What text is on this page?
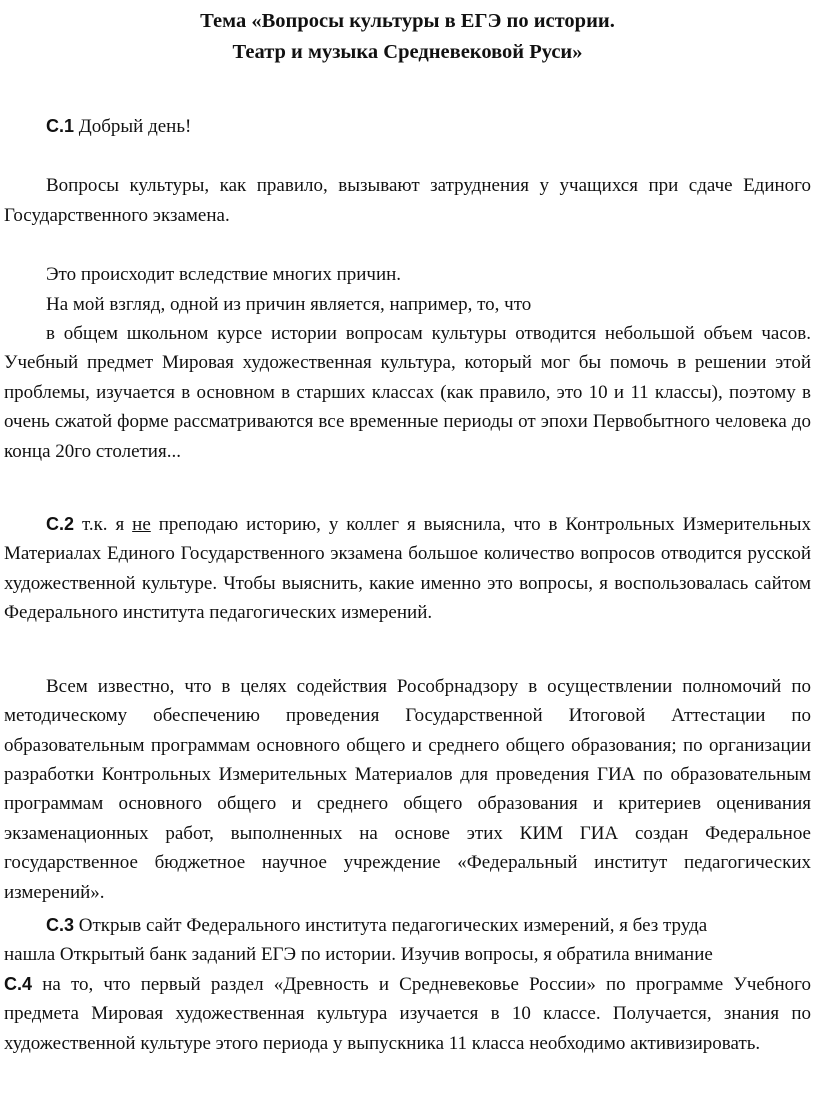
Тема «Вопросы культуры в ЕГЭ по истории.
Театр и музыка Средневековой Руси»

С.1 Добрый день!

Вопросы культуры, как правило, вызывают затруднения у учащихся при сдаче Единого Государственного экзамена.

Это происходит вследствие многих причин.

На мой взгляд, одной из причин является, например, то, что

в общем школьном курсе истории вопросам культуры отводится небольшой объем часов. Учебный предмет Мировая художественная культура, который мог бы помочь в решении этой проблемы, изучается в основном в старших классах (как правило, это 10 и 11 классы), поэтому в очень сжатой форме рассматриваются все временные периоды от эпохи Первобытного человека до конца 20го столетия...

С.2 т.к. я не преподаю историю, у коллег я выяснила, что в Контрольных Измерительных Материалах Единого Государственного экзамена большое количество вопросов отводится русской художественной культуре. Чтобы выяснить, какие именно это вопросы, я воспользовалась сайтом Федерального института педагогических измерений.

Всем известно, что в целях содействия Рособрнадзору в осуществлении полномочий по методическому обеспечению проведения Государственной Итоговой Аттестации по образовательным программам основного общего и среднего общего образования; по организации разработки Контрольных Измерительных Материалов для проведения ГИА по образовательным программам основного общего и среднего общего образования и критериев оценивания экзаменационных работ, выполненных на основе этих КИМ ГИА создан Федеральное государственное бюджетное научное учреждение «Федеральный институт педагогических измерений».

С.3 Открыв сайт Федерального института педагогических измерений, я без труда
нашла Открытый банк заданий ЕГЭ по истории. Изучив вопросы, я обратила внимание

С.4 на то, что первый раздел «Древность и Средневековье России» по программе Учебного предмета Мировая художественная культура изучается в 10 классе. Получается, знания по художественной культуре этого периода у выпускника 11 класса необходимо активизировать.
